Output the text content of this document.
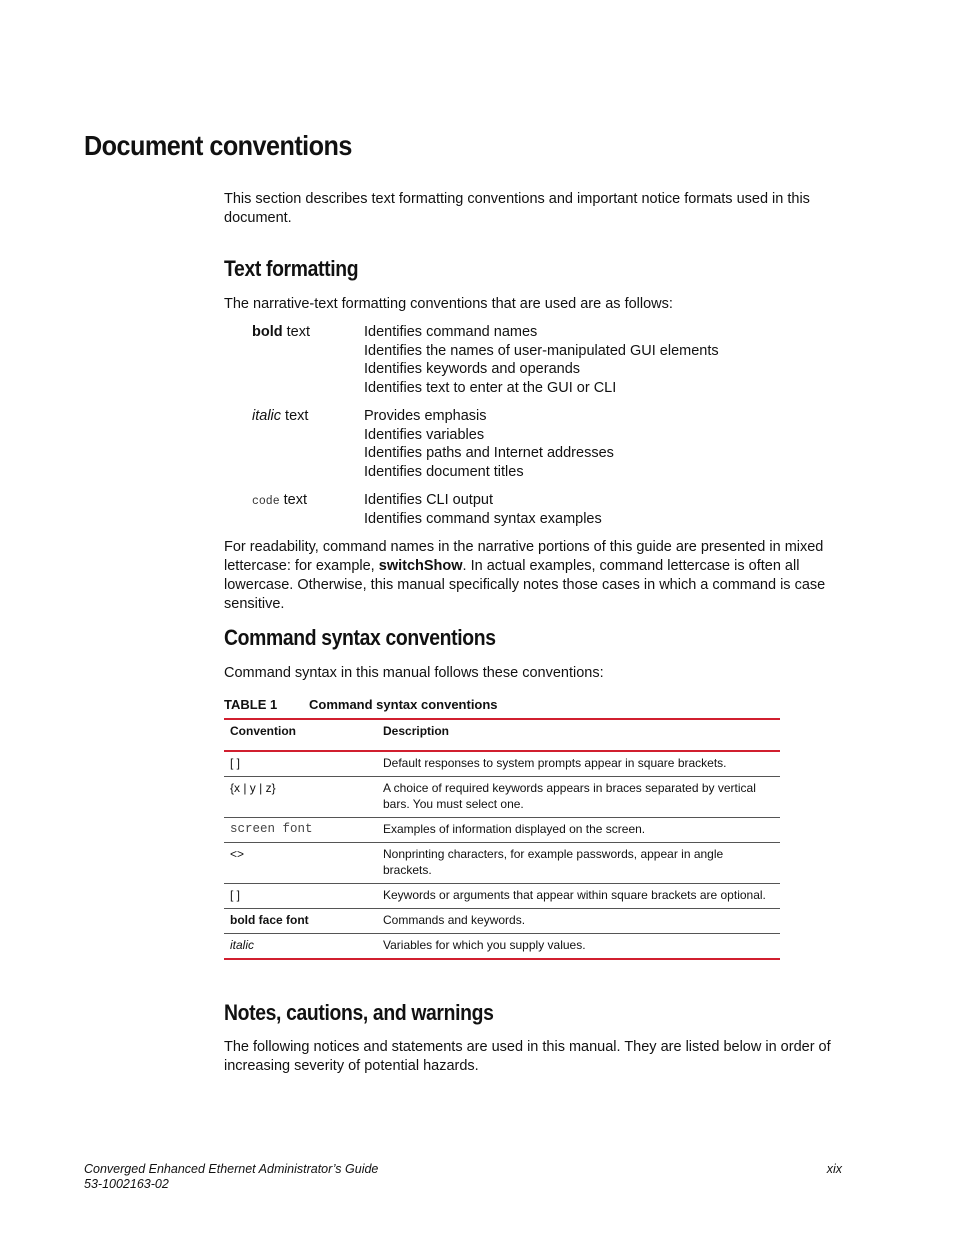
Document conventions
This section describes text formatting conventions and important notice formats used in this document.
Text formatting
The narrative-text formatting conventions that are used are as follows:
bold text	Identifies command names
Identifies the names of user-manipulated GUI elements
Identifies keywords and operands
Identifies text to enter at the GUI or CLI
italic text	Provides emphasis
Identifies variables
Identifies paths and Internet addresses
Identifies document titles
code text	Identifies CLI output
Identifies command syntax examples
For readability, command names in the narrative portions of this guide are presented in mixed lettercase: for example, switchShow. In actual examples, command lettercase is often all lowercase. Otherwise, this manual specifically notes those cases in which a command is case sensitive.
Command syntax conventions
Command syntax in this manual follows these conventions:
TABLE 1 Command syntax conventions
Convention	Description
[ ]	Default responses to system prompts appear in square brackets.
{x | y | z}	A choice of required keywords appears in braces separated by vertical bars. You must select one.
screen font	Examples of information displayed on the screen.
<>	Nonprinting characters, for example passwords, appear in angle brackets.
[ ]	Keywords or arguments that appear within square brackets are optional.
bold face font	Commands and keywords.
italic	Variables for which you supply values.
Notes, cautions, and warnings
The following notices and statements are used in this manual. They are listed below in order of increasing severity of potential hazards.
Converged Enhanced Ethernet Administrator’s Guide
53-1002163-02
xix
